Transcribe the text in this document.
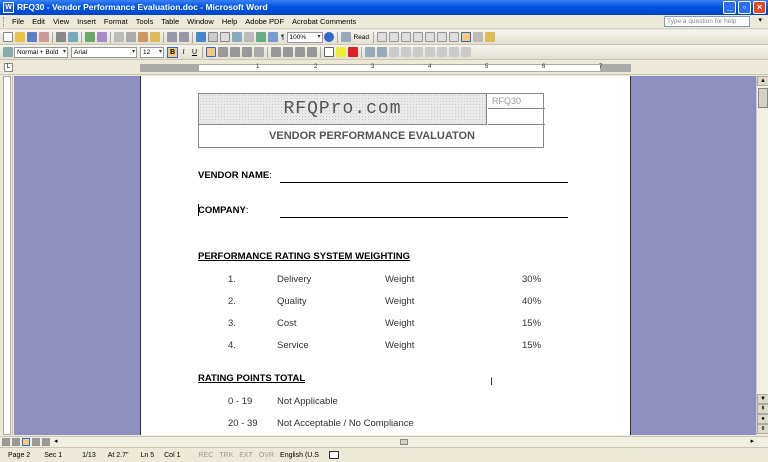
W RFQ30 - Vendor Performance Evaluation.doc - Microsoft Word	_	▫	×
File	Edit	View	Insert	Format	Tools	Table	Window	Help	Adobe PDF	Acrobat Comments	Type a question for help	▾
¶ 100% ▾	Read
Normal + Bold ▾	Arial ▾	12 ▾	B	I	U
L	1	2	3	4	5	6	7
RFQPro.com	RFQ30
VENDOR PERFORMANCE EVALUATON
VENDOR NAME:
COMPANY:
PERFORMANCE RATING SYSTEM WEIGHTING
1.	Delivery	Weight	30%
2.	Quality	Weight	40%
3.	Cost	Weight	15%
4.	Service	Weight	15%
RATING POINTS TOTAL
0 - 19	Not Applicable
20 - 39 Not Acceptable / No Compliance
I
▲
▼
⇞
●
⇟
◂	▸
Page 2 Sec 1	1/13 At 2.7" Ln 5 Col 1	REC TRK EXT OVR English (U.S
